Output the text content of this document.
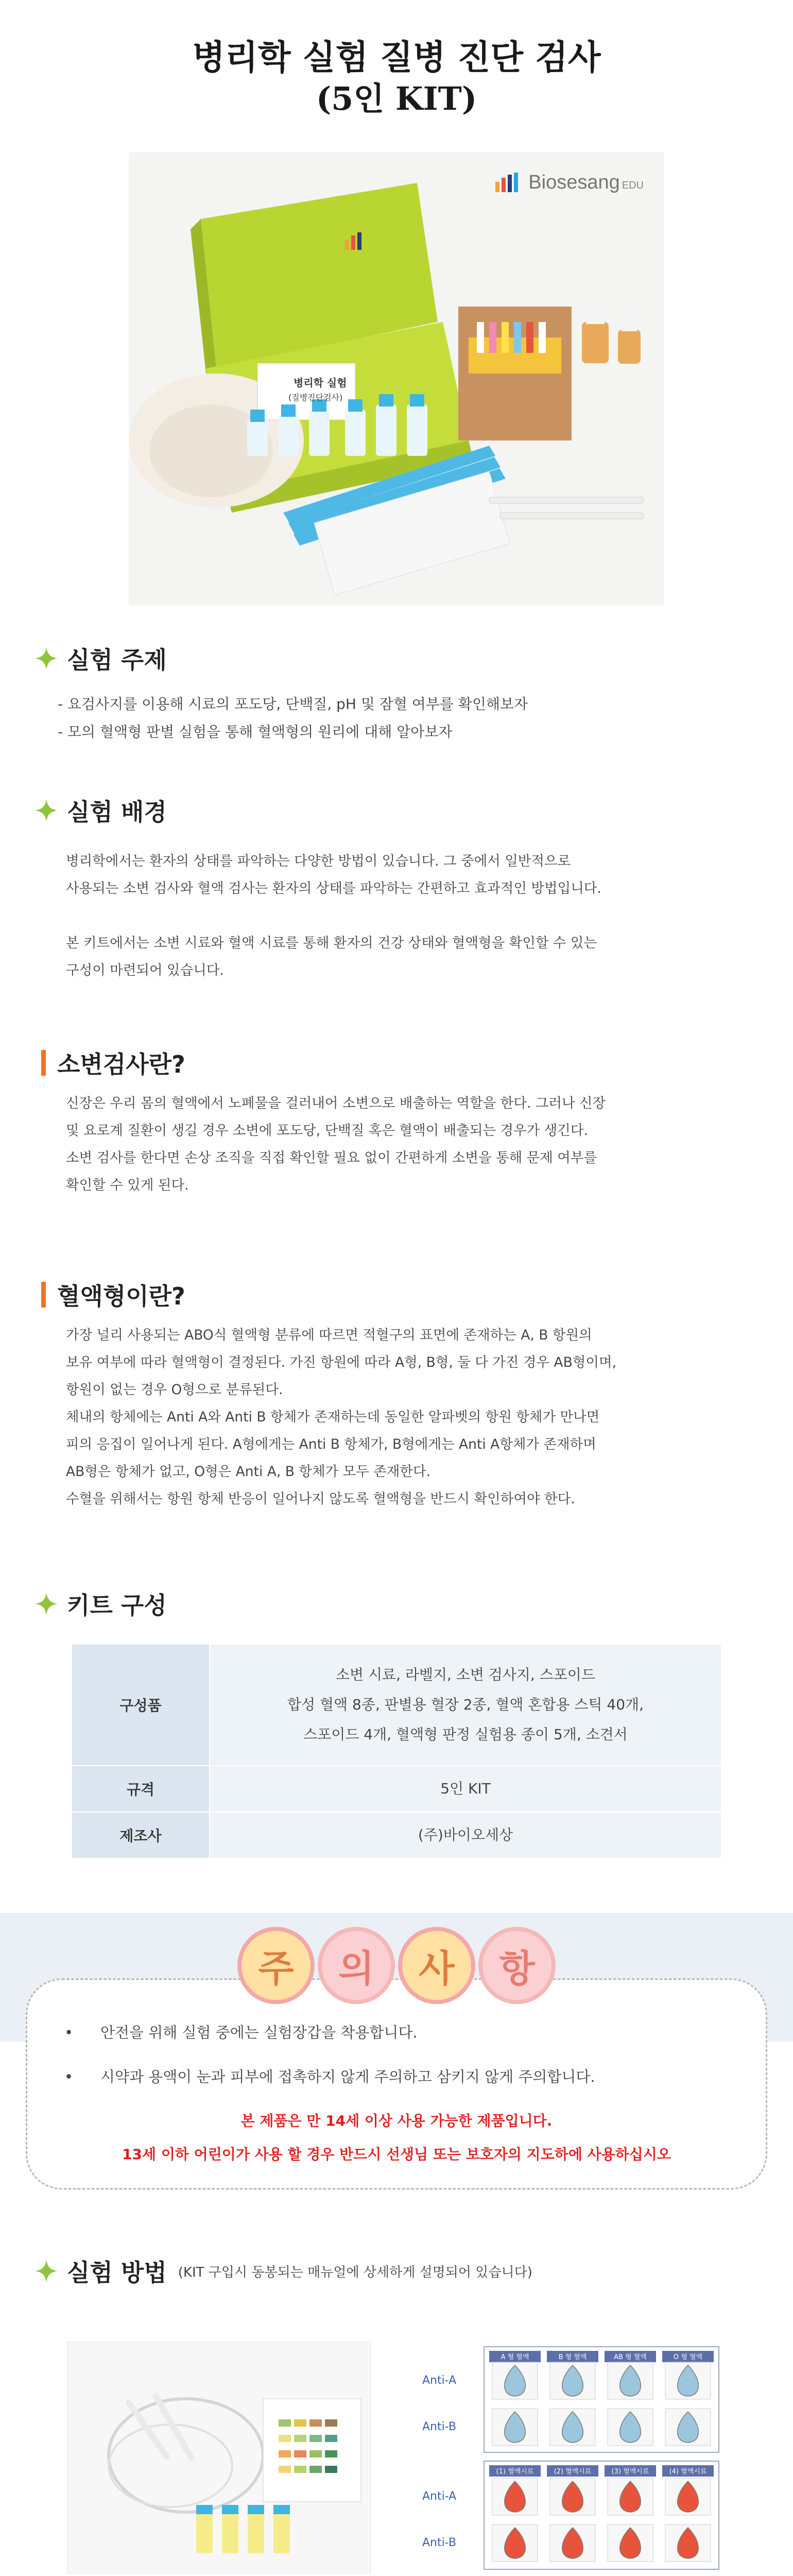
병리학 실험 질병 진단 검사
(5인 KIT)
Biosesang EDU
병리학 실험
(질병진단검사)
실험 주제
- 요검사지를 이용해 시료의 포도당, 단백질, pH 및 잠혈 여부를 확인해보자
- 모의 혈액형 판별 실험을 통해 혈액형의 원리에 대해 알아보자
실험 배경
병리학에서는 환자의 상태를 파악하는 다양한 방법이 있습니다. 그 중에서 일반적으로
사용되는 소변 검사와 혈액 검사는 환자의 상태를 파악하는 간편하고 효과적인 방법입니다.
본 키트에서는 소변 시료와 혈액 시료를 통해 환자의 건강 상태와 혈액형을 확인할 수 있는
구성이 마련되어 있습니다.
소변검사란?
신장은 우리 몸의 혈액에서 노폐물을 걸러내어 소변으로 배출하는 역할을 한다. 그러나 신장
및 요로계 질환이 생길 경우 소변에 포도당, 단백질 혹은 혈액이 배출되는 경우가 생긴다.
소변 검사를 한다면 손상 조직을 직접 확인할 필요 없이 간편하게 소변을 통해 문제 여부를
확인할 수 있게 된다.
혈액형이란?
가장 널리 사용되는 ABO식 혈액형 분류에 따르면 적혈구의 표면에 존재하는 A, B 항원의
보유 여부에 따라 혈액형이 결정된다. 가진 항원에 따라 A형, B형, 둘 다 가진 경우 AB형이며,
항원이 없는 경우 O형으로 분류된다.
체내의 항체에는 Anti A와 Anti B 항체가 존재하는데 동일한 알파벳의 항원 항체가 만나면
피의 응집이 일어나게 된다. A형에게는 Anti B 항체가, B형에게는 Anti A항체가 존재하며
AB형은 항체가 없고, O형은 Anti A, B 항체가 모두 존재한다.
수혈을 위해서는 항원 항체 반응이 일어나지 않도록 혈액형을 반드시 확인하여야 한다.
키트 구성
구성품	소변 시료, 라벨지, 소변 검사지, 스포이드
합성 혈액 8종, 판별용 혈장 2종, 혈액 혼합용 스틱 40개,
스포이드 4개, 혈액형 판정 실험용 종이 5개, 소견서

규격	5인 KIT
제조사	(주)바이오세상
주	의	사	항
• 안전을 위해 실험 중에는 실험장갑을 착용합니다.
• 시약과 용액이 눈과 피부에 접촉하지 않게 주의하고 삼키지 않게 주의합니다.
본 제품은 만 14세 이상 사용 가능한 제품입니다.
13세 이하 어린이가 사용 할 경우 반드시 선생님 또는 보호자의 지도하에 사용하십시오
실험 방법 (KIT 구입시 동봉되는 매뉴얼에 상세하게 설명되어 있습니다)
A 형 혈액	B 형 혈액	AB 형 혈액	O 형 혈액
(1) 혈액시료	(2) 혈액시료	(3) 혈액시료	(4) 혈액시료
Anti-A
Anti-B
Anti-A
Anti-B
